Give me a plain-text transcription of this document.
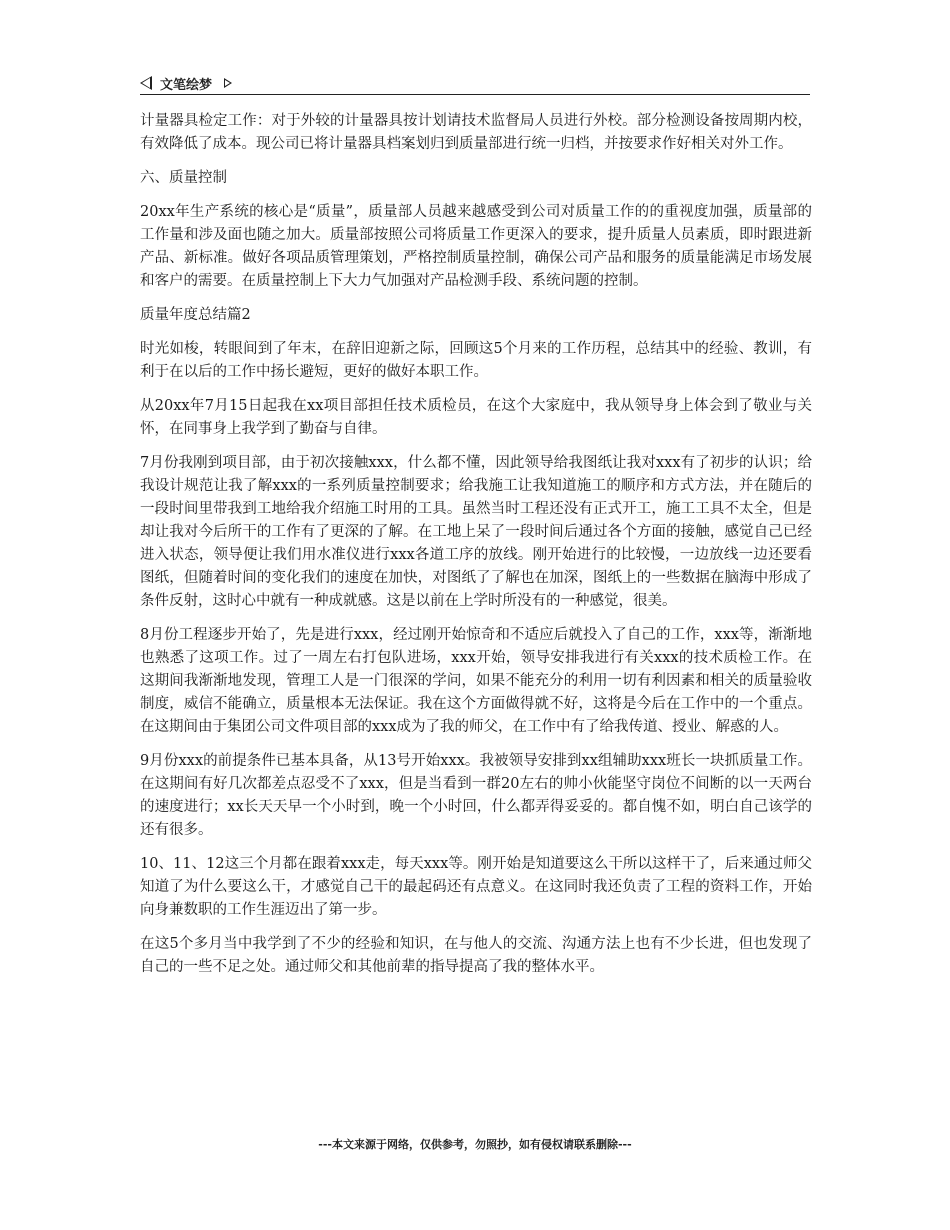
文笔绘梦

计量器具检定工作：对于外较的计量器具按计划请技术监督局人员进行外校。部分检测设备按周期内校，有效降低了成本。现公司已将计量器具档案划归到质量部进行统一归档，并按要求作好相关对外工作。

六、质量控制

20xx年生产系统的核心是“质量”，质量部人员越来越感受到公司对质量工作的的重视度加强，质量部的工作量和涉及面也随之加大。质量部按照公司将质量工作更深入的要求，提升质量人员素质，即时跟进新产品、新标准。做好各项品质管理策划，严格控制质量控制，确保公司产品和服务的质量能满足市场发展和客户的需要。在质量控制上下大力气加强对产品检测手段、系统问题的控制。

质量年度总结篇2

时光如梭，转眼间到了年末，在辞旧迎新之际，回顾这5个月来的工作历程，总结其中的经验、教训，有利于在以后的工作中扬长避短，更好的做好本职工作。

从20xx年7月15日起我在xx项目部担任技术质检员，在这个大家庭中，我从领导身上体会到了敬业与关怀，在同事身上我学到了勤奋与自律。

7月份我刚到项目部，由于初次接触xxx，什么都不懂，因此领导给我图纸让我对xxx有了初步的认识；给我设计规范让我了解xxx的一系列质量控制要求；给我施工让我知道施工的顺序和方式方法，并在随后的一段时间里带我到工地给我介绍施工时用的工具。虽然当时工程还没有正式开工，施工工具不太全，但是却让我对今后所干的工作有了更深的了解。在工地上呆了一段时间后通过各个方面的接触，感觉自己已经进入状态，领导便让我们用水准仪进行xxx各道工序的放线。刚开始进行的比较慢，一边放线一边还要看图纸，但随着时间的变化我们的速度在加快，对图纸了了解也在加深，图纸上的一些数据在脑海中形成了条件反射，这时心中就有一种成就感。这是以前在上学时所没有的一种感觉，很美。

8月份工程逐步开始了，先是进行xxx，经过刚开始惊奇和不适应后就投入了自己的工作，xxx等，渐渐地也熟悉了这项工作。过了一周左右打包队进场，xxx开始，领导安排我进行有关xxx的技术质检工作。在这期间我渐渐地发现，管理工人是一门很深的学问，如果不能充分的利用一切有利因素和相关的质量验收制度，威信不能确立，质量根本无法保证。我在这个方面做得就不好，这将是今后在工作中的一个重点。在这期间由于集团公司文件项目部的xxx成为了我的师父，在工作中有了给我传道、授业、解惑的人。

9月份xxx的前提条件已基本具备，从13号开始xxx。我被领导安排到xx组辅助xxx班长一块抓质量工作。在这期间有好几次都差点忍受不了xxx，但是当看到一群20左右的帅小伙能坚守岗位不间断的以一天两台的速度进行；xx长天天早一个小时到，晚一个小时回，什么都弄得妥妥的。都自愧不如，明白自己该学的还有很多。

10、11、12这三个月都在跟着xxx走，每天xxx等。刚开始是知道要这么干所以这样干了，后来通过师父知道了为什么要这么干，才感觉自己干的最起码还有点意义。在这同时我还负责了工程的资料工作，开始向身兼数职的工作生涯迈出了第一步。

在这5个多月当中我学到了不少的经验和知识，在与他人的交流、沟通方法上也有不少长进，但也发现了自己的一些不足之处。通过师父和其他前辈的指导提高了我的整体水平。

---本文来源于网络，仅供参考，勿照抄，如有侵权请联系删除---
